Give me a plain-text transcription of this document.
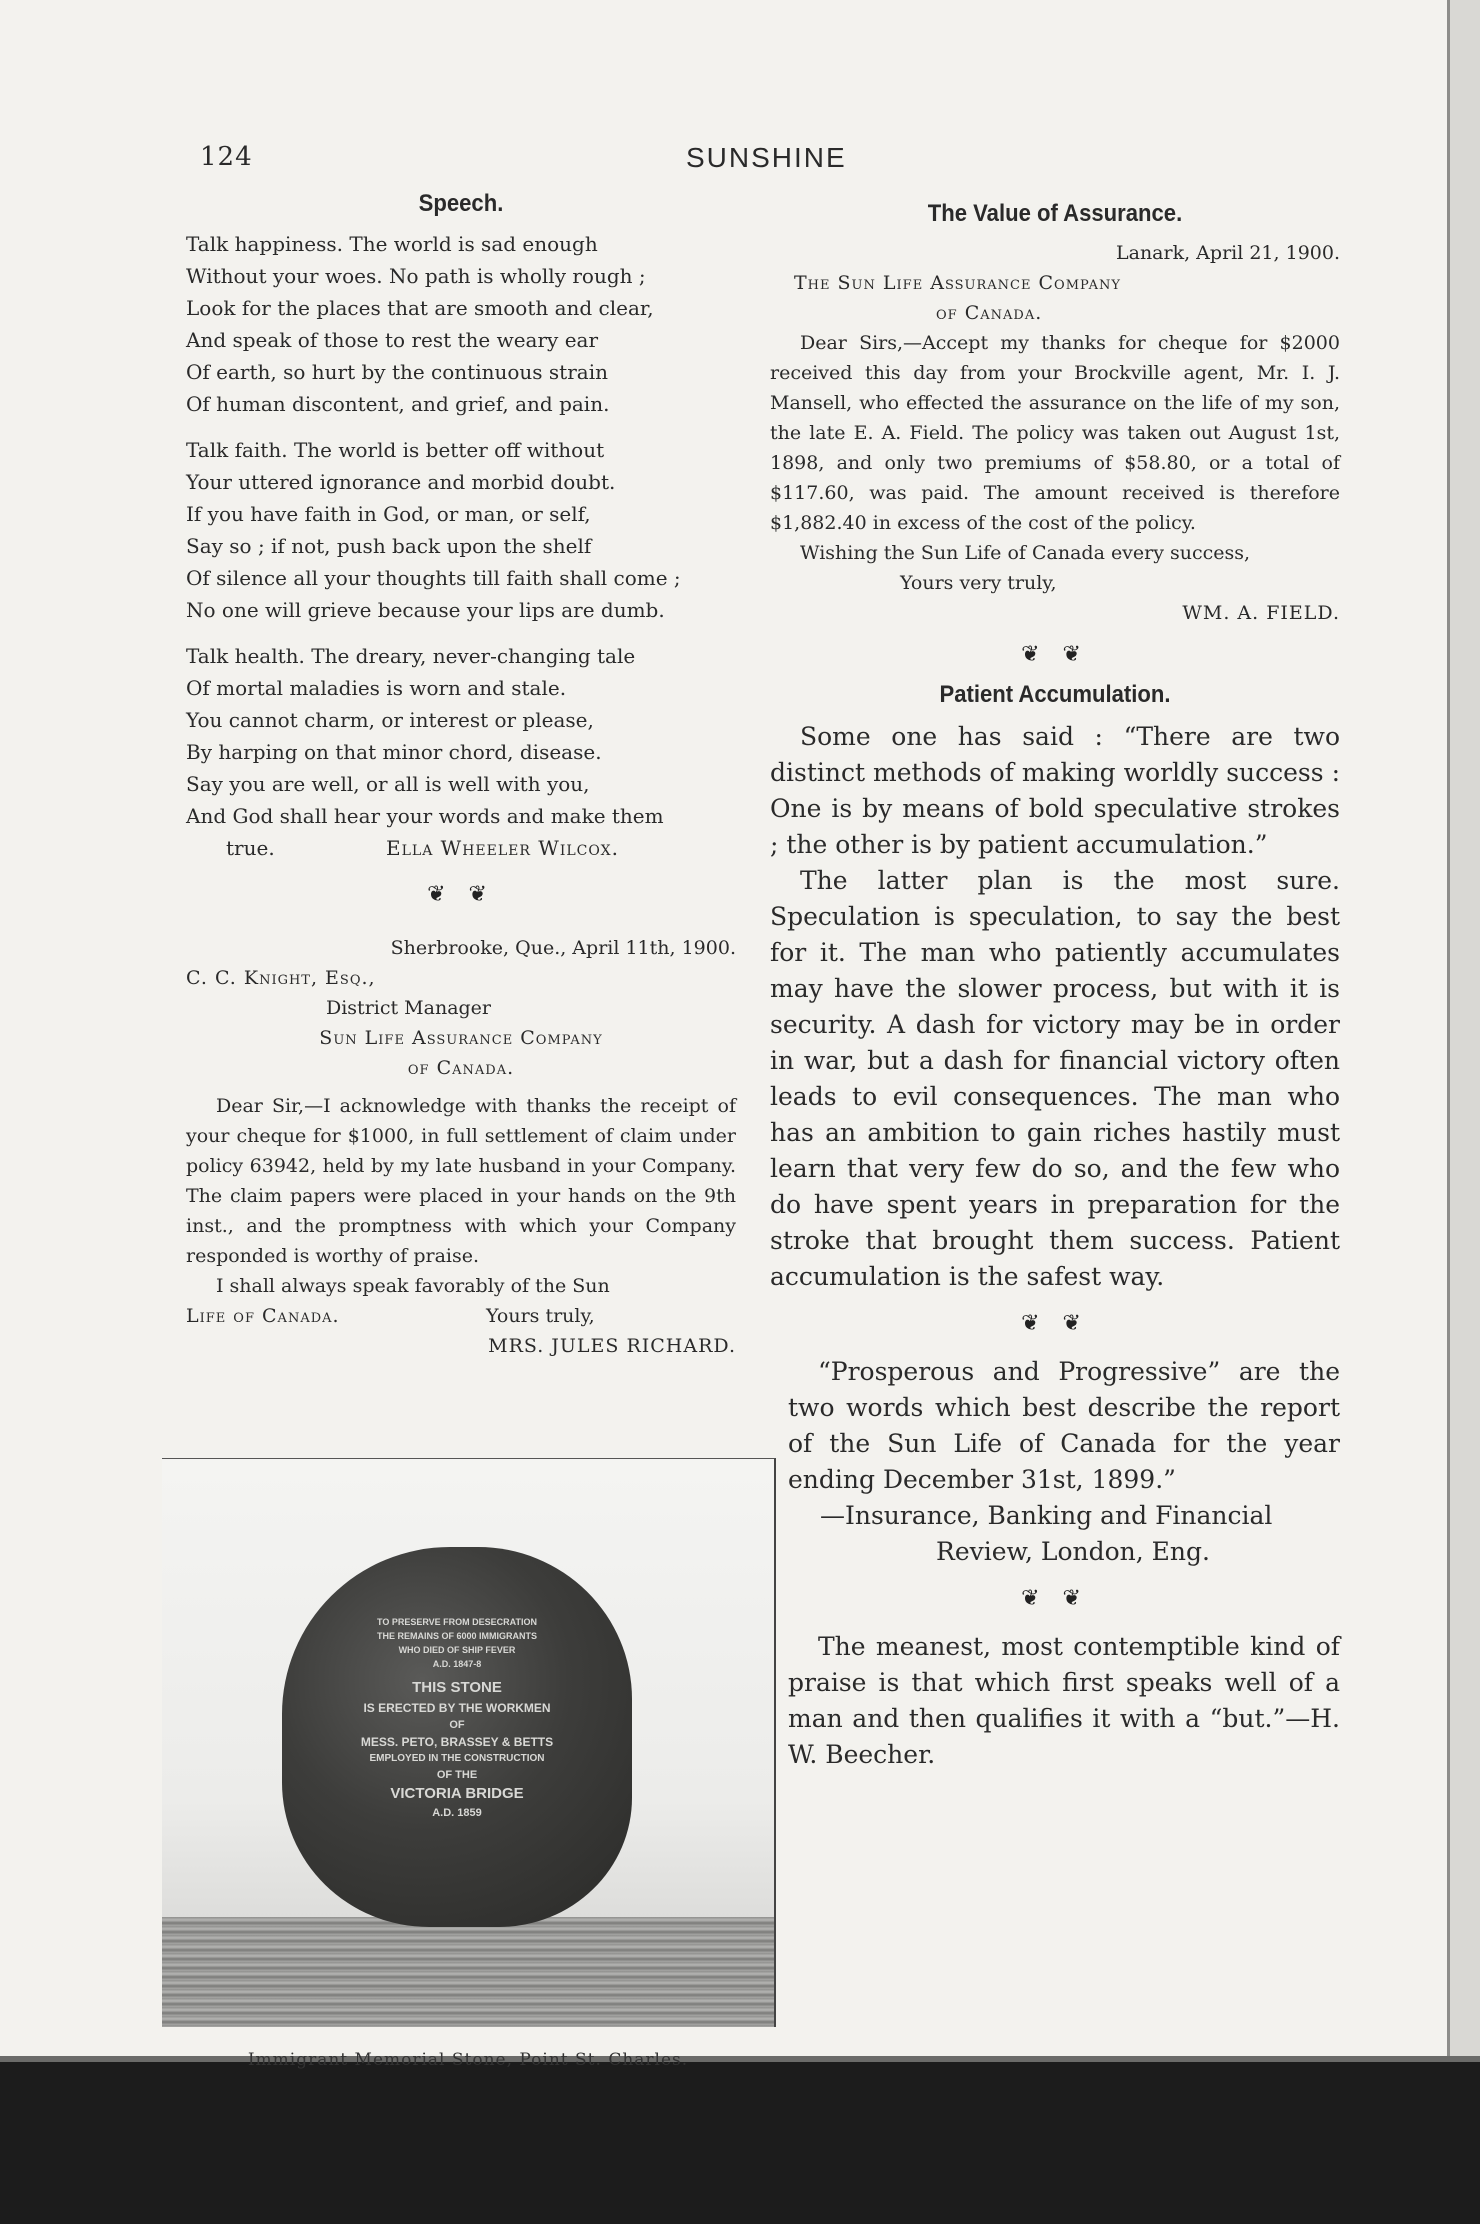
124	SUNSHINE
Speech.
Talk happiness. The world is sad enough
Without your woes. No path is wholly rough ;
Look for the places that are smooth and clear,
And speak of those to rest the weary ear
Of earth, so hurt by the continuous strain
Of human discontent, and grief, and pain.
Talk faith. The world is better off without
Your uttered ignorance and morbid doubt.
If you have faith in God, or man, or self,
Say so ; if not, push back upon the shelf
Of silence all your thoughts till faith shall come ;
No one will grieve because your lips are dumb.
Talk health. The dreary, never-changing tale
Of mortal maladies is worn and stale.
You cannot charm, or interest or please,
By harping on that minor chord, disease.
Say you are well, or all is well with you,
And God shall hear your words and make them
true.	Ella Wheeler Wilcox.
❦ ❦
Sherbrooke, Que., April 11th, 1900.
C. C. Knight, Esq.,
District Manager
Sun Life Assurance Company
of Canada.
Dear Sir,—I acknowledge with thanks the receipt of your cheque for $1000, in full settlement of claim under policy 63942, held by my late husband in your Company. The claim papers were placed in your hands on the 9th inst., and the promptness with which your Company responded is worthy of praise.
I shall always speak favorably of the Sun
Life of Canada.	Yours truly,
MRS. JULES RICHARD.
TO PRESERVE FROM DESECRATION
THE REMAINS OF 6000 IMMIGRANTS
WHO DIED OF SHIP FEVER
A.D. 1847-8
THIS STONE
IS ERECTED BY THE WORKMEN
OF
MESS. PETO, BRASSEY & BETTS
EMPLOYED IN THE CONSTRUCTION
OF THE
VICTORIA BRIDGE
A.D. 1859
Immigrant Memorial Stone, Point St. Charles.
The Value of Assurance.
Lanark, April 21, 1900.
The Sun Life Assurance Company
of Canada.
Dear Sirs,—Accept my thanks for cheque for $2000 received this day from your Brockville agent, Mr. I. J. Mansell, who effected the assurance on the life of my son, the late E. A. Field. The policy was taken out August 1st, 1898, and only two premiums of $58.80, or a total of $117.60, was paid. The amount received is therefore $1,882.40 in excess of the cost of the policy.
Wishing the Sun Life of Canada every success,
Yours very truly,
WM. A. FIELD.
❦ ❦
Patient Accumulation.
Some one has said : “There are two distinct methods of making worldly success : One is by means of bold speculative strokes ; the other is by patient accumulation.”
The latter plan is the most sure. Speculation is speculation, to say the best for it. The man who patiently accumulates may have the slower process, but with it is security. A dash for victory may be in order in war, but a dash for financial victory often leads to evil consequences. The man who has an ambition to gain riches hastily must learn that very few do so, and the few who do have spent years in preparation for the stroke that brought them success. Patient accumulation is the safest way.
❦ ❦
“Prosperous and Progressive” are the two words which best describe the report of the Sun Life of Canada for the year ending December 31st, 1899.”
—Insurance, Banking and Financial
Review, London, Eng.
❦ ❦
The meanest, most contemptible kind of praise is that which first speaks well of a man and then qualifies it with a “but.”—H. W. Beecher.
